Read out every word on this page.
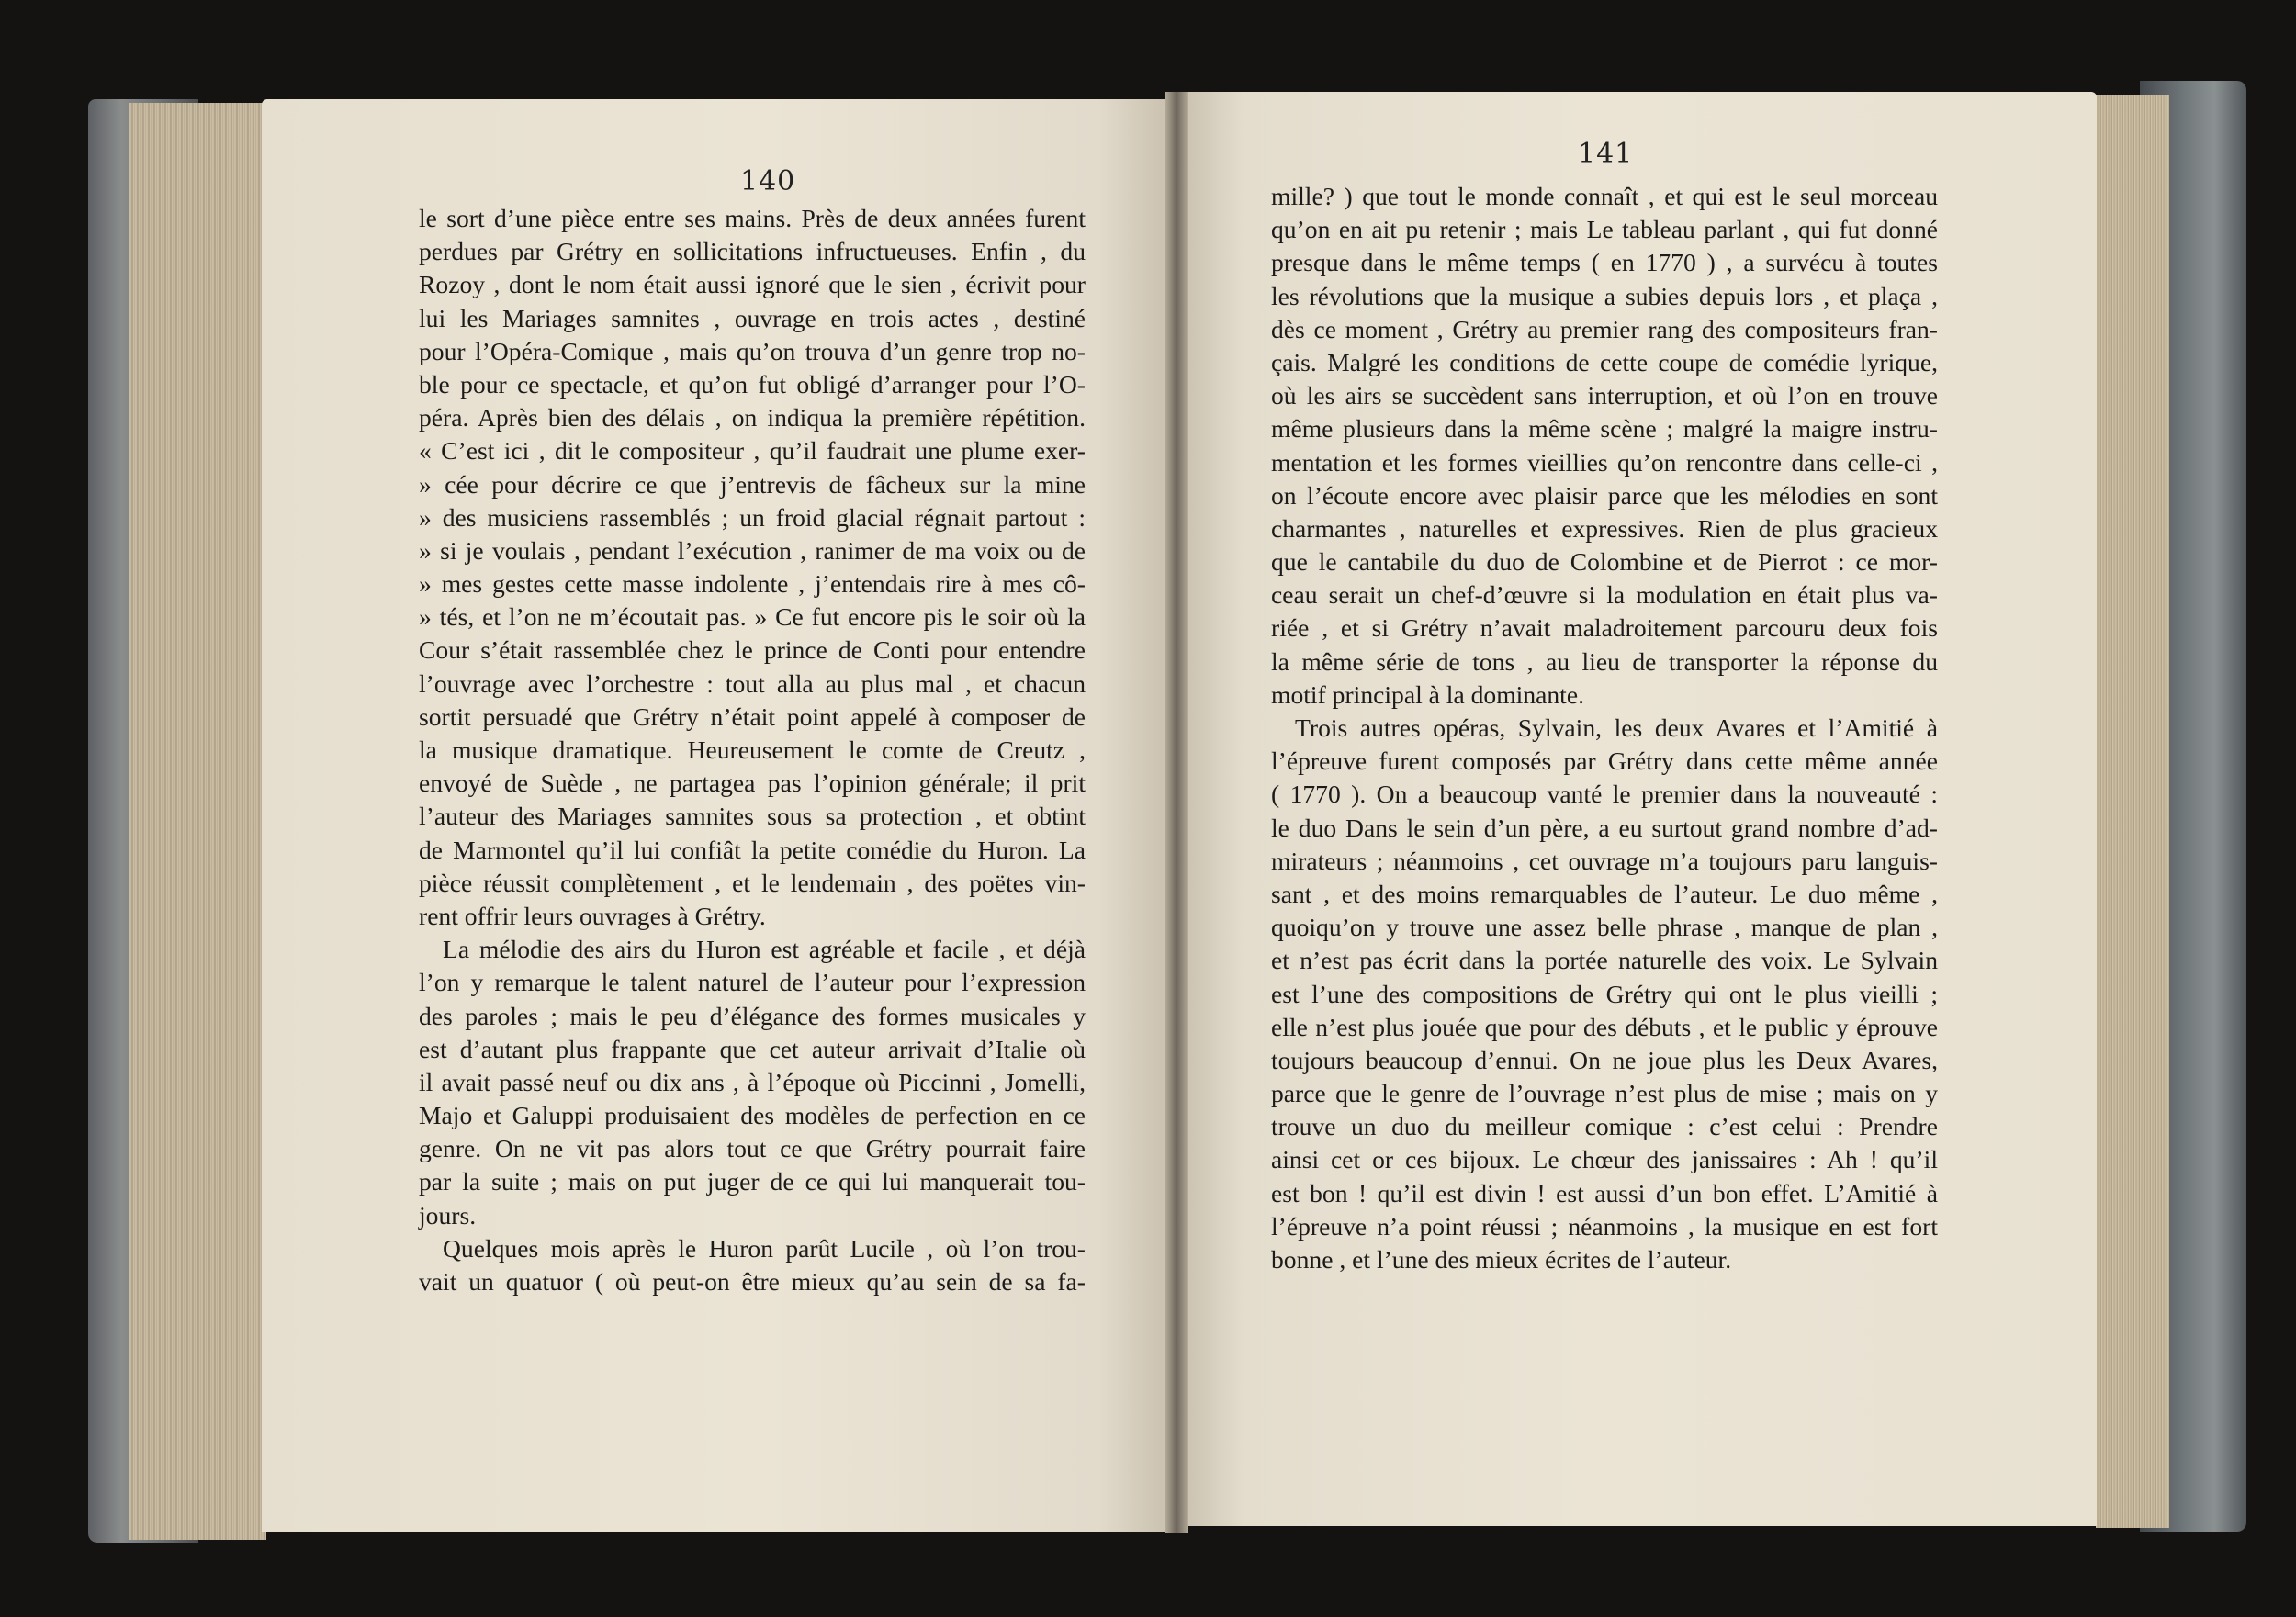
140
141
le sort d’une pièce entre ses mains. Près de deux années furent
perdues par Grétry en sollicitations infructueuses. Enfin , du
Rozoy , dont le nom était aussi ignoré que le sien , écrivit pour
lui les Mariages samnites , ouvrage en trois actes , destiné
pour l’Opéra-Comique , mais qu’on trouva d’un genre trop no-
ble pour ce spectacle, et qu’on fut obligé d’arranger pour l’O-
péra. Après bien des délais , on indiqua la première répétition.
« C’est ici , dit le compositeur , qu’il faudrait une plume exer-
» cée pour décrire ce que j’entrevis de fâcheux sur la mine
» des musiciens rassemblés ; un froid glacial régnait partout :
» si je voulais , pendant l’exécution , ranimer de ma voix ou de
» mes gestes cette masse indolente , j’entendais rire à mes cô-
» tés, et l’on ne m’écoutait pas. » Ce fut encore pis le soir où la
Cour s’était rassemblée chez le prince de Conti pour entendre
l’ouvrage avec l’orchestre : tout alla au plus mal , et chacun
sortit persuadé que Grétry n’était point appelé à composer de
la musique dramatique. Heureusement le comte de Creutz ,
envoyé de Suède , ne partagea pas l’opinion générale; il prit
l’auteur des Mariages samnites sous sa protection , et obtint
de Marmontel qu’il lui confiât la petite comédie du Huron. La
pièce réussit complètement , et le lendemain , des poëtes vin-
rent offrir leurs ouvrages à Grétry.
La mélodie des airs du Huron est agréable et facile , et déjà
l’on y remarque le talent naturel de l’auteur pour l’expression
des paroles ; mais le peu d’élégance des formes musicales y
est d’autant plus frappante que cet auteur arrivait d’Italie où
il avait passé neuf ou dix ans , à l’époque où Piccinni , Jomelli,
Majo et Galuppi produisaient des modèles de perfection en ce
genre. On ne vit pas alors tout ce que Grétry pourrait faire
par la suite ; mais on put juger de ce qui lui manquerait tou-
jours.
Quelques mois après le Huron parût Lucile , où l’on trou-
vait un quatuor ( où peut-on être mieux qu’au sein de sa fa-
mille? ) que tout le monde connaît , et qui est le seul morceau
qu’on en ait pu retenir ; mais Le tableau parlant , qui fut donné
presque dans le même temps ( en 1770 ) , a survécu à toutes
les révolutions que la musique a subies depuis lors , et plaça ,
dès ce moment , Grétry au premier rang des compositeurs fran-
çais. Malgré les conditions de cette coupe de comédie lyrique,
où les airs se succèdent sans interruption, et où l’on en trouve
même plusieurs dans la même scène ; malgré la maigre instru-
mentation et les formes vieillies qu’on rencontre dans celle-ci ,
on l’écoute encore avec plaisir parce que les mélodies en sont
charmantes , naturelles et expressives. Rien de plus gracieux
que le cantabile du duo de Colombine et de Pierrot : ce mor-
ceau serait un chef-d’œuvre si la modulation en était plus va-
riée , et si Grétry n’avait maladroitement parcouru deux fois
la même série de tons , au lieu de transporter la réponse du
motif principal à la dominante.
Trois autres opéras, Sylvain, les deux Avares et l’Amitié à
l’épreuve furent composés par Grétry dans cette même année
( 1770 ). On a beaucoup vanté le premier dans la nouveauté :
le duo Dans le sein d’un père, a eu surtout grand nombre d’ad-
mirateurs ; néanmoins , cet ouvrage m’a toujours paru languis-
sant , et des moins remarquables de l’auteur. Le duo même ,
quoiqu’on y trouve une assez belle phrase , manque de plan ,
et n’est pas écrit dans la portée naturelle des voix. Le Sylvain
est l’une des compositions de Grétry qui ont le plus vieilli ;
elle n’est plus jouée que pour des débuts , et le public y éprouve
toujours beaucoup d’ennui. On ne joue plus les Deux Avares,
parce que le genre de l’ouvrage n’est plus de mise ; mais on y
trouve un duo du meilleur comique : c’est celui : Prendre
ainsi cet or ces bijoux. Le chœur des janissaires : Ah ! qu’il
est bon ! qu’il est divin ! est aussi d’un bon effet. L’Amitié à
l’épreuve n’a point réussi ; néanmoins , la musique en est fort
bonne , et l’une des mieux écrites de l’auteur.
